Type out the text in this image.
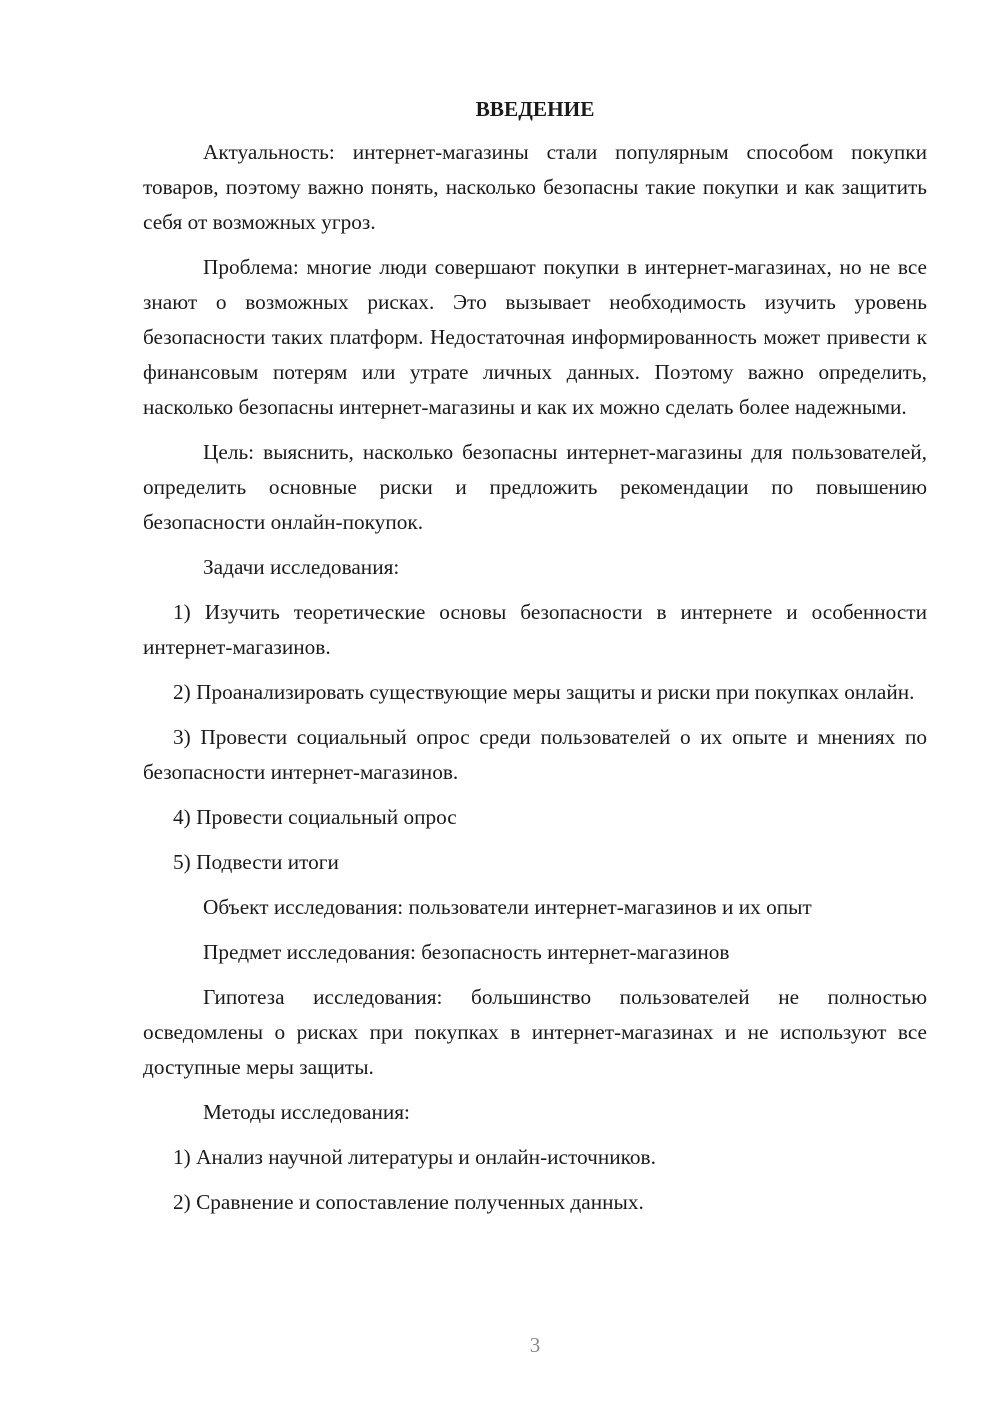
ВВЕДЕНИЕ

Актуальность: интернет-магазины стали популярным способом покупки товаров, поэтому важно понять, насколько безопасны такие покупки и как защитить себя от возможных угроз.

Проблема: многие люди совершают покупки в интернет-магазинах, но не все знают о возможных рисках. Это вызывает необходимость изучить уровень безопасности таких платформ. Недостаточная информированность может привести к финансовым потерям или утрате личных данных. Поэтому важно определить, насколько безопасны интернет-магазины и как их можно сделать более надежными.

Цель: выяснить, насколько безопасны интернет-магазины для пользователей, определить основные риски и предложить рекомендации по повышению безопасности онлайн-покупок.

Задачи исследования:

1) Изучить теоретические основы безопасности в интернете и особенности интернет-магазинов.

2) Проанализировать существующие меры защиты и риски при покупках онлайн.

3) Провести социальный опрос среди пользователей о их опыте и мнениях по безопасности интернет-магазинов.

4) Провести социальный опрос

5) Подвести итоги

Объект исследования: пользователи интернет-магазинов и их опыт

Предмет исследования: безопасность интернет-магазинов

Гипотеза исследования: большинство пользователей не полностью осведомлены о рисках при покупках в интернет-магазинах и не используют все доступные меры защиты.

Методы исследования:

1) Анализ научной литературы и онлайн-источников.

2) Сравнение и сопоставление полученных данных.

3
